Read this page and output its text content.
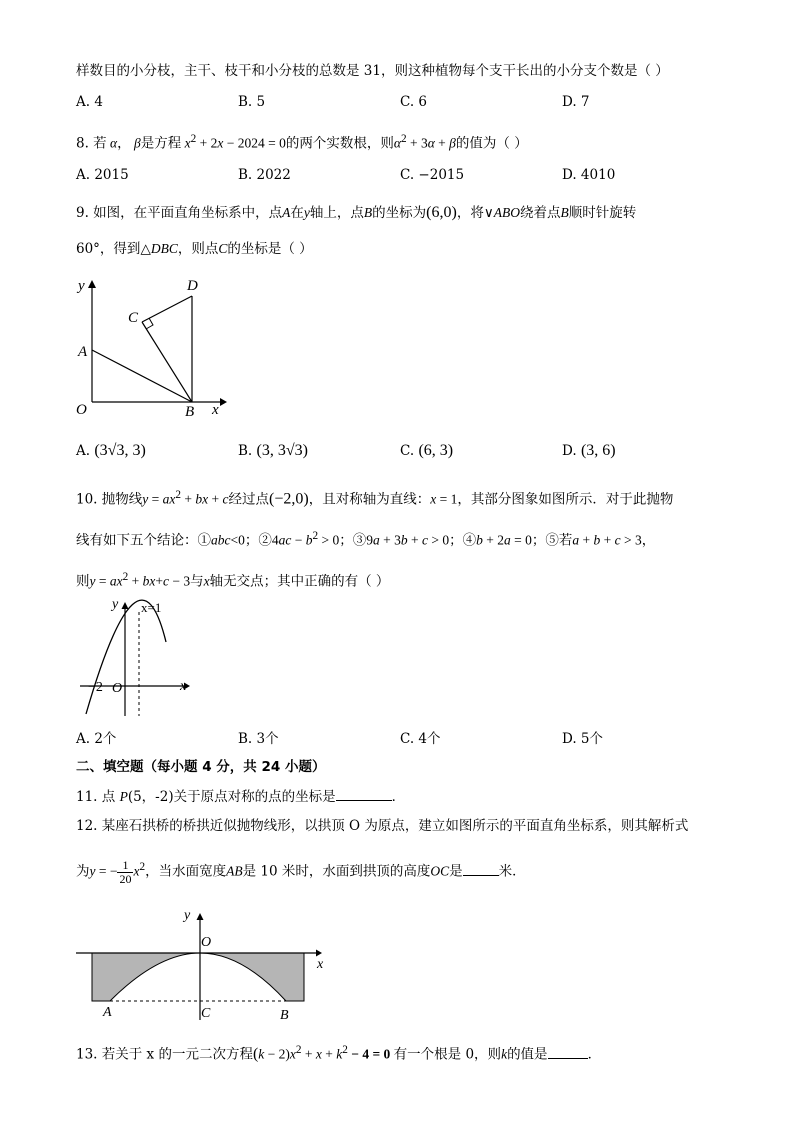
样数目的小分枝，主干、枝干和小分枝的总数是 31，则这种植物每个支干长出的小分支个数是（ ）
A. 4	B. 5	C. 6	D. 7
8. 若 α， β是方程 $x^2 + 2x - 2024 = 0$的两个实数根，则$\alpha^2 + 3\alpha + \beta$的值为（ ）
A. 2015	B. 2022	C. −2015	D. 4010
9. 如图，在平面直角坐标系中，点A在y轴上，点B的坐标为(6,0)，将∨ABO绕着点B顺时针旋转
60°，得到△DBC，则点C的坐标是（ ）
y	D
C
A
O	B x
A. (3√3, 3)	B. (3, 3√3)	C. (6, 3)	D. (3, 6)
10. 抛物线$y = ax^2$ + bx + c经过点(−2,0)，且对称轴为直线：x = 1，其部分图象如图所示．对于此抛物
线有如下五个结论：①abc<0；②4ac − $b^2 > 0$；③9a + 3b + c > 0；④b + 2a = 0；⑤若a + b + c > 3，
则$y = ax^2 + bx+c - 3$与x轴无交点；其中正确的有（ ）
y x=1
−2 O	x
A. 2个	B. 3个	C. 4个	D. 5个
二、填空题（每小题 4 分，共 24 小题）
11. 点 P(5，-2)关于原点对称的点的坐标是	．
12. 某座石拱桥的桥拱近似抛物线形，以拱顶 O 为原点，建立如图所示的平面直角坐标系，则其解析式
为y = − $\frac{1}{20} x^2$，当水面宽度AB是 10 米时，水面到拱顶的高度OC是	米．
y
O
x
A	C	B
13. 若关于 x 的一元二次方程$(k - 2)x^2 + x + k^2 - 4 = 0$ 有一个根是 0，则k的值是	．
